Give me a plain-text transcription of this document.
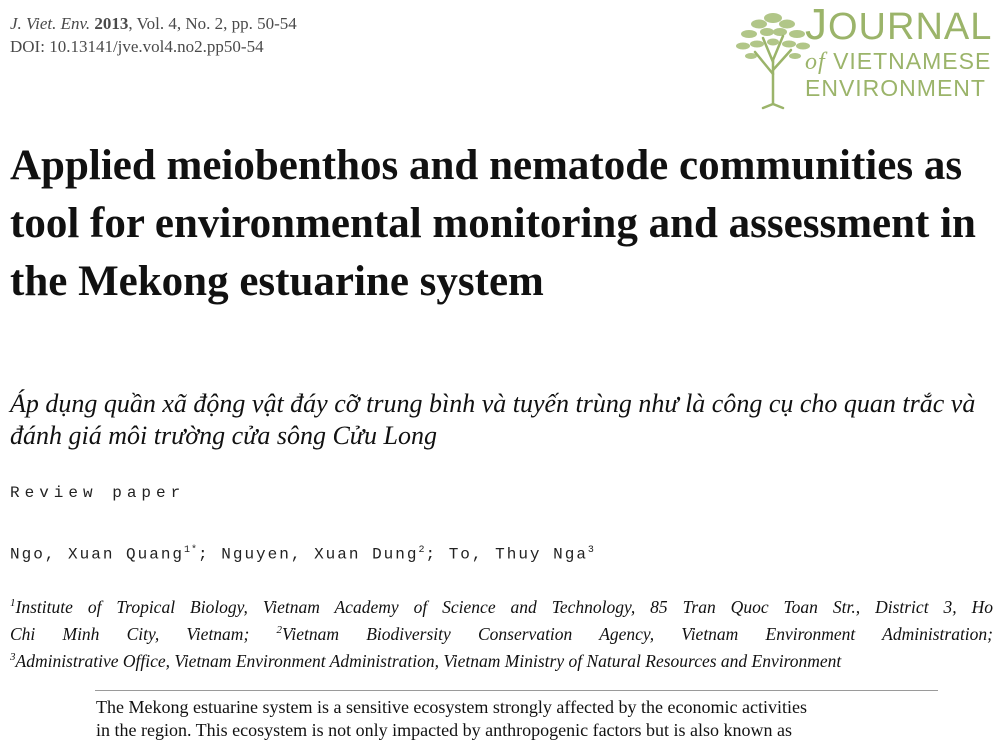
J. Viet. Env. 2013, Vol. 4, No. 2, pp. 50-54
DOI: 10.13141/jve.vol4.no2.pp50-54	JOURNAL
of VIETNAMESE
ENVIRONMENT
Applied meiobenthos and nematode communities as tool for environmental monitoring and assessment in the Mekong estuarine system

Áp dụng quần xã động vật đáy cỡ trung bình và tuyến trùng như là công cụ cho quan trắc và đánh giá môi trường cửa sông Cửu Long

Review paper
Ngo, Xuan Quang$^{1*}$; Nguyen, Xuan Dung$^2$; To, Thuy Nga$^3$
$^1$Institute of Tropical Biology, Vietnam Academy of Science and Technology, 85 Tran Quoc Toan Str., District 3, Ho
Chi Minh City, Vietnam; $^2$Vietnam Biodiversity Conservation Agency, Vietnam Environment Administration;
$^3$Administrative Office, Vietnam Environment Administration, Vietnam Ministry of Natural Resources and Environment
The Mekong estuarine system is a sensitive ecosystem strongly affected by the economic activities
in the region. This ecosystem is not only impacted by anthropogenic factors but is also known as
